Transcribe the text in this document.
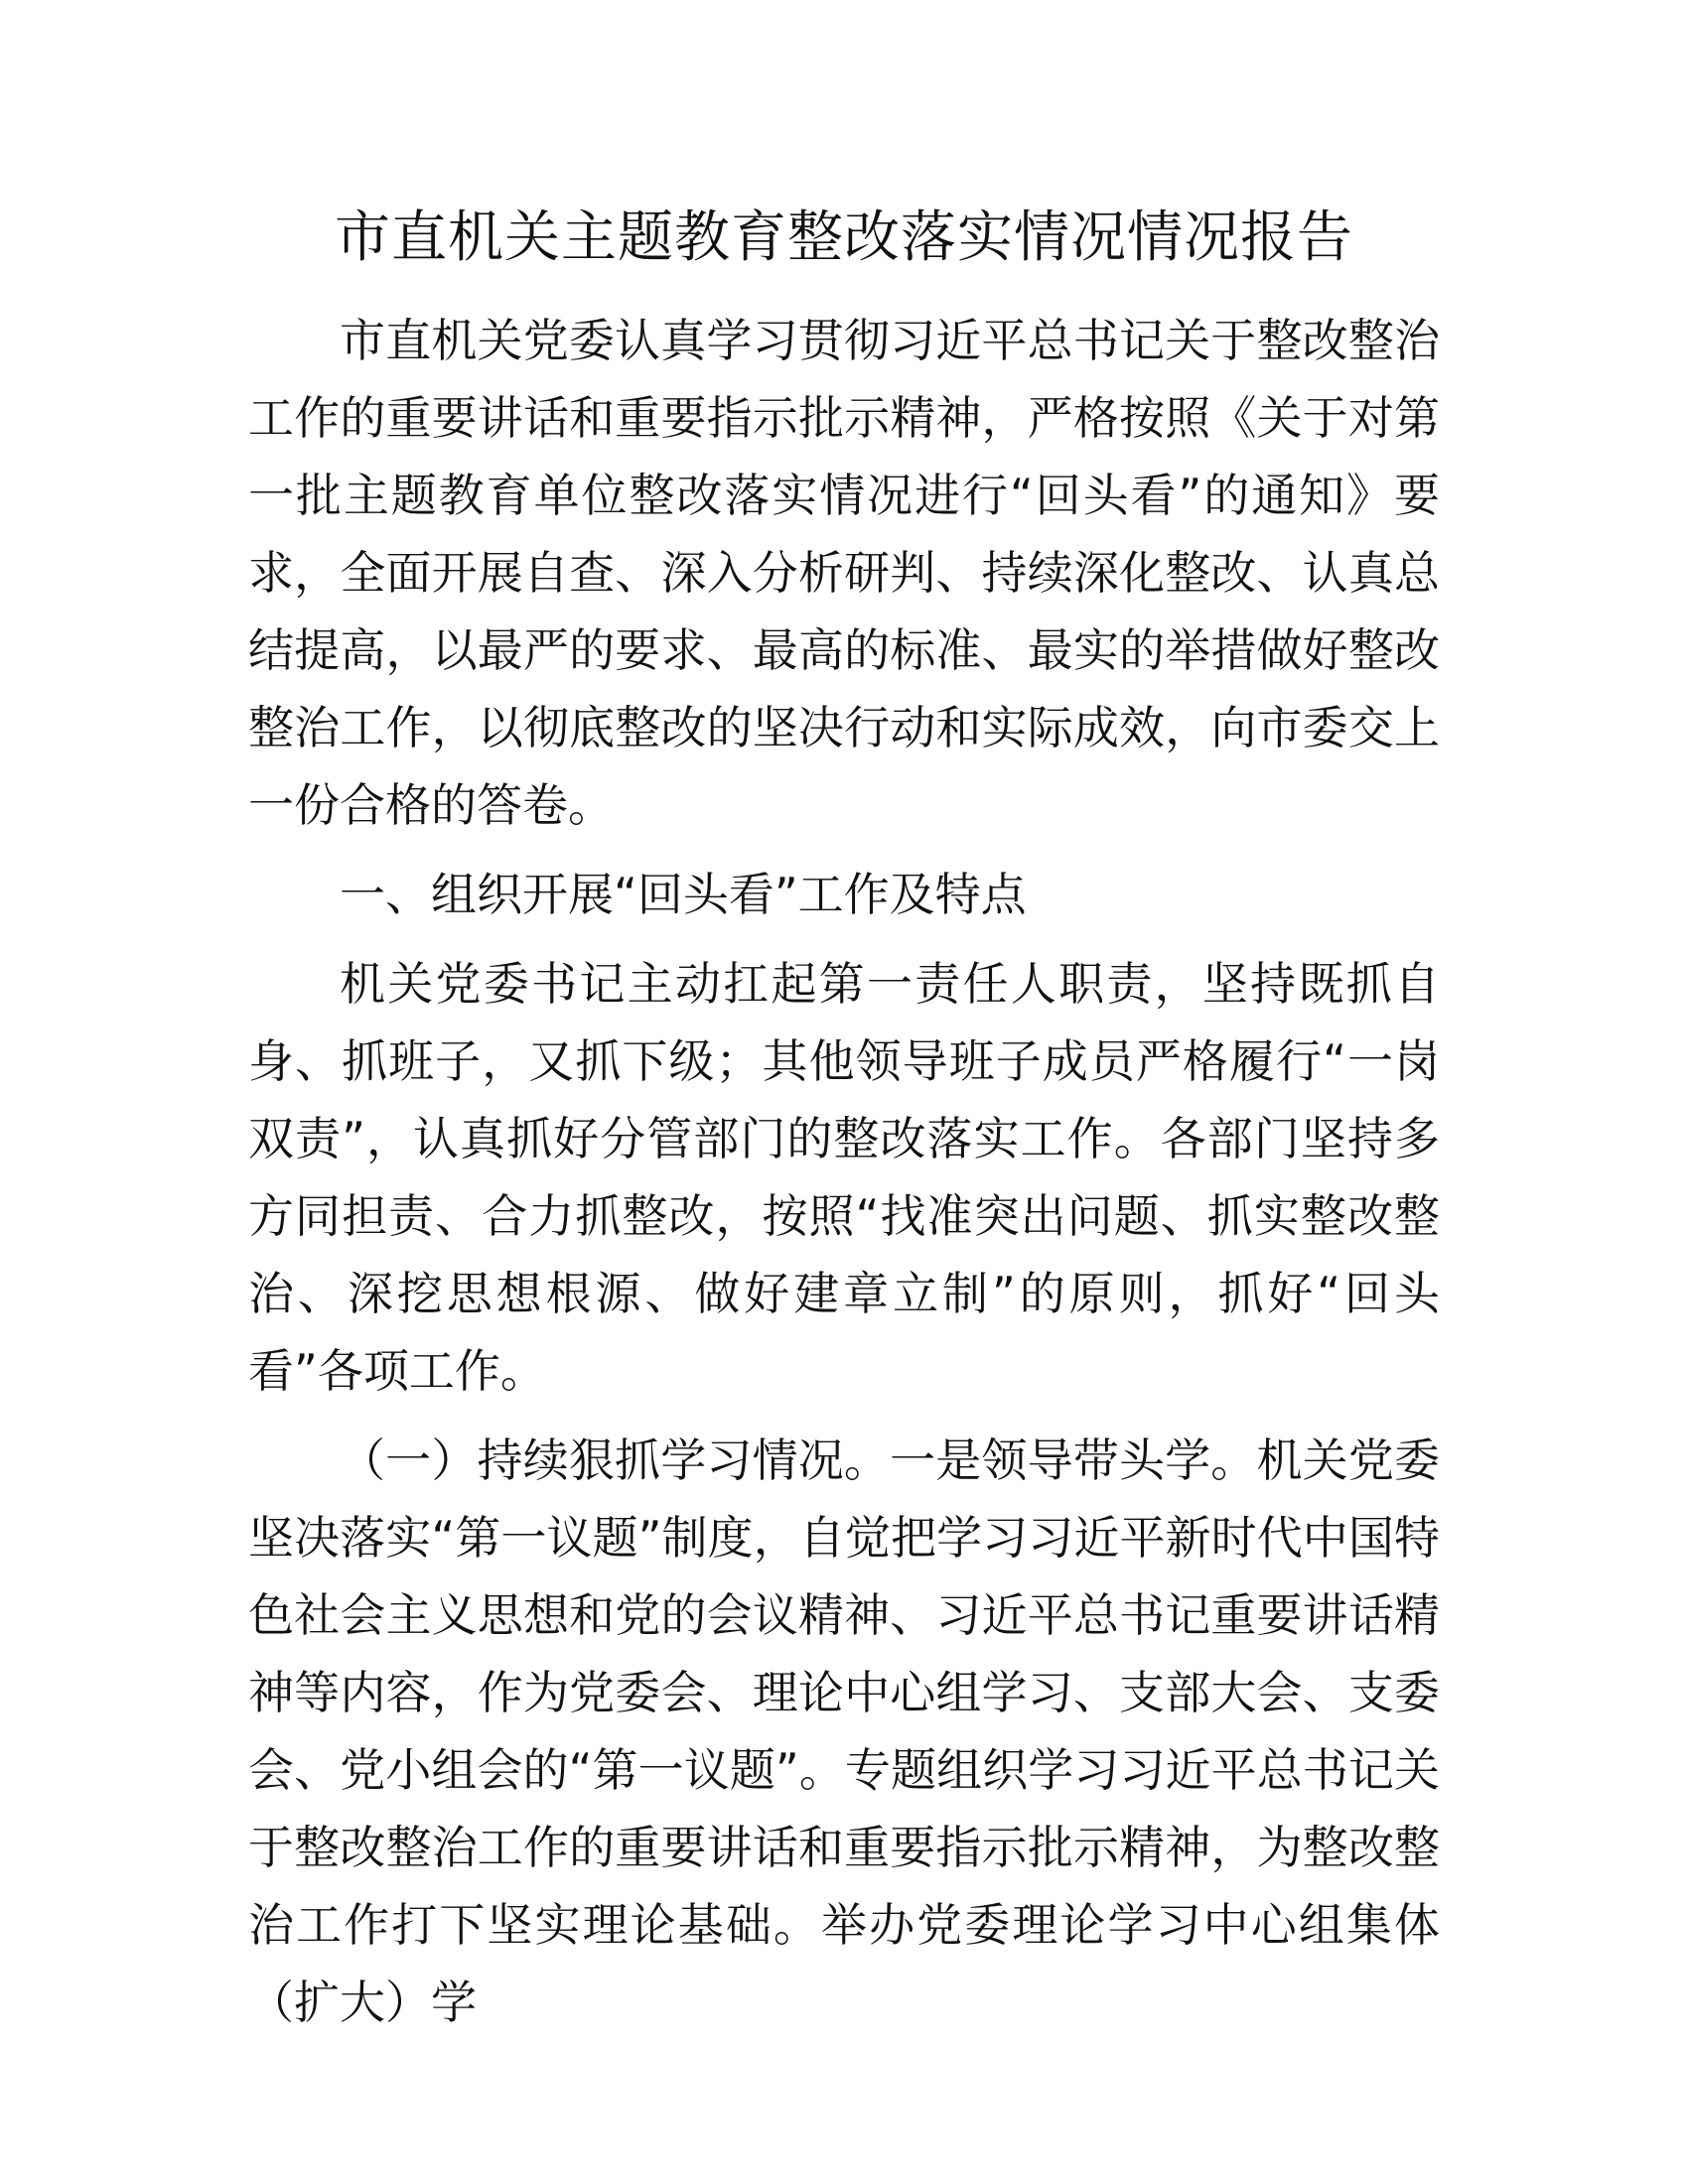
市直机关主题教育整改落实情况情况报告

市直机关党委认真学习贯彻习近平总书记关于整改整治工作的重要讲话和重要指示批示精神，严格按照《关于对第一批主题教育单位整改落实情况进行“回头看”的通知》要求，全面开展自查、深入分析研判、持续深化整改、认真总结提高，以最严的要求、最高的标准、最实的举措做好整改整治工作，以彻底整改的坚决行动和实际成效，向市委交上一份合格的答卷。

一、组织开展“回头看”工作及特点

机关党委书记主动扛起第一责任人职责，坚持既抓自身、抓班子，又抓下级；其他领导班子成员严格履行“一岗双责”，认真抓好分管部门的整改落实工作。各部门坚持多方同担责、合力抓整改，按照“找准突出问题、抓实整改整治、深挖思想根源、做好建章立制”的原则，抓好“回头看”各项工作。

（一）持续狠抓学习情况。一是领导带头学。机关党委坚决落实“第一议题”制度，自觉把学习习近平新时代中国特色社会主义思想和党的会议精神、习近平总书记重要讲话精神等内容，作为党委会、理论中心组学习、支部大会、支委会、党小组会的“第一议题”。专题组织学习习近平总书记关于整改整治工作的重要讲话和重要指示批示精神，为整改整治工作打下坚实理论基础。举办党委理论学习中心组集体（扩大）学
